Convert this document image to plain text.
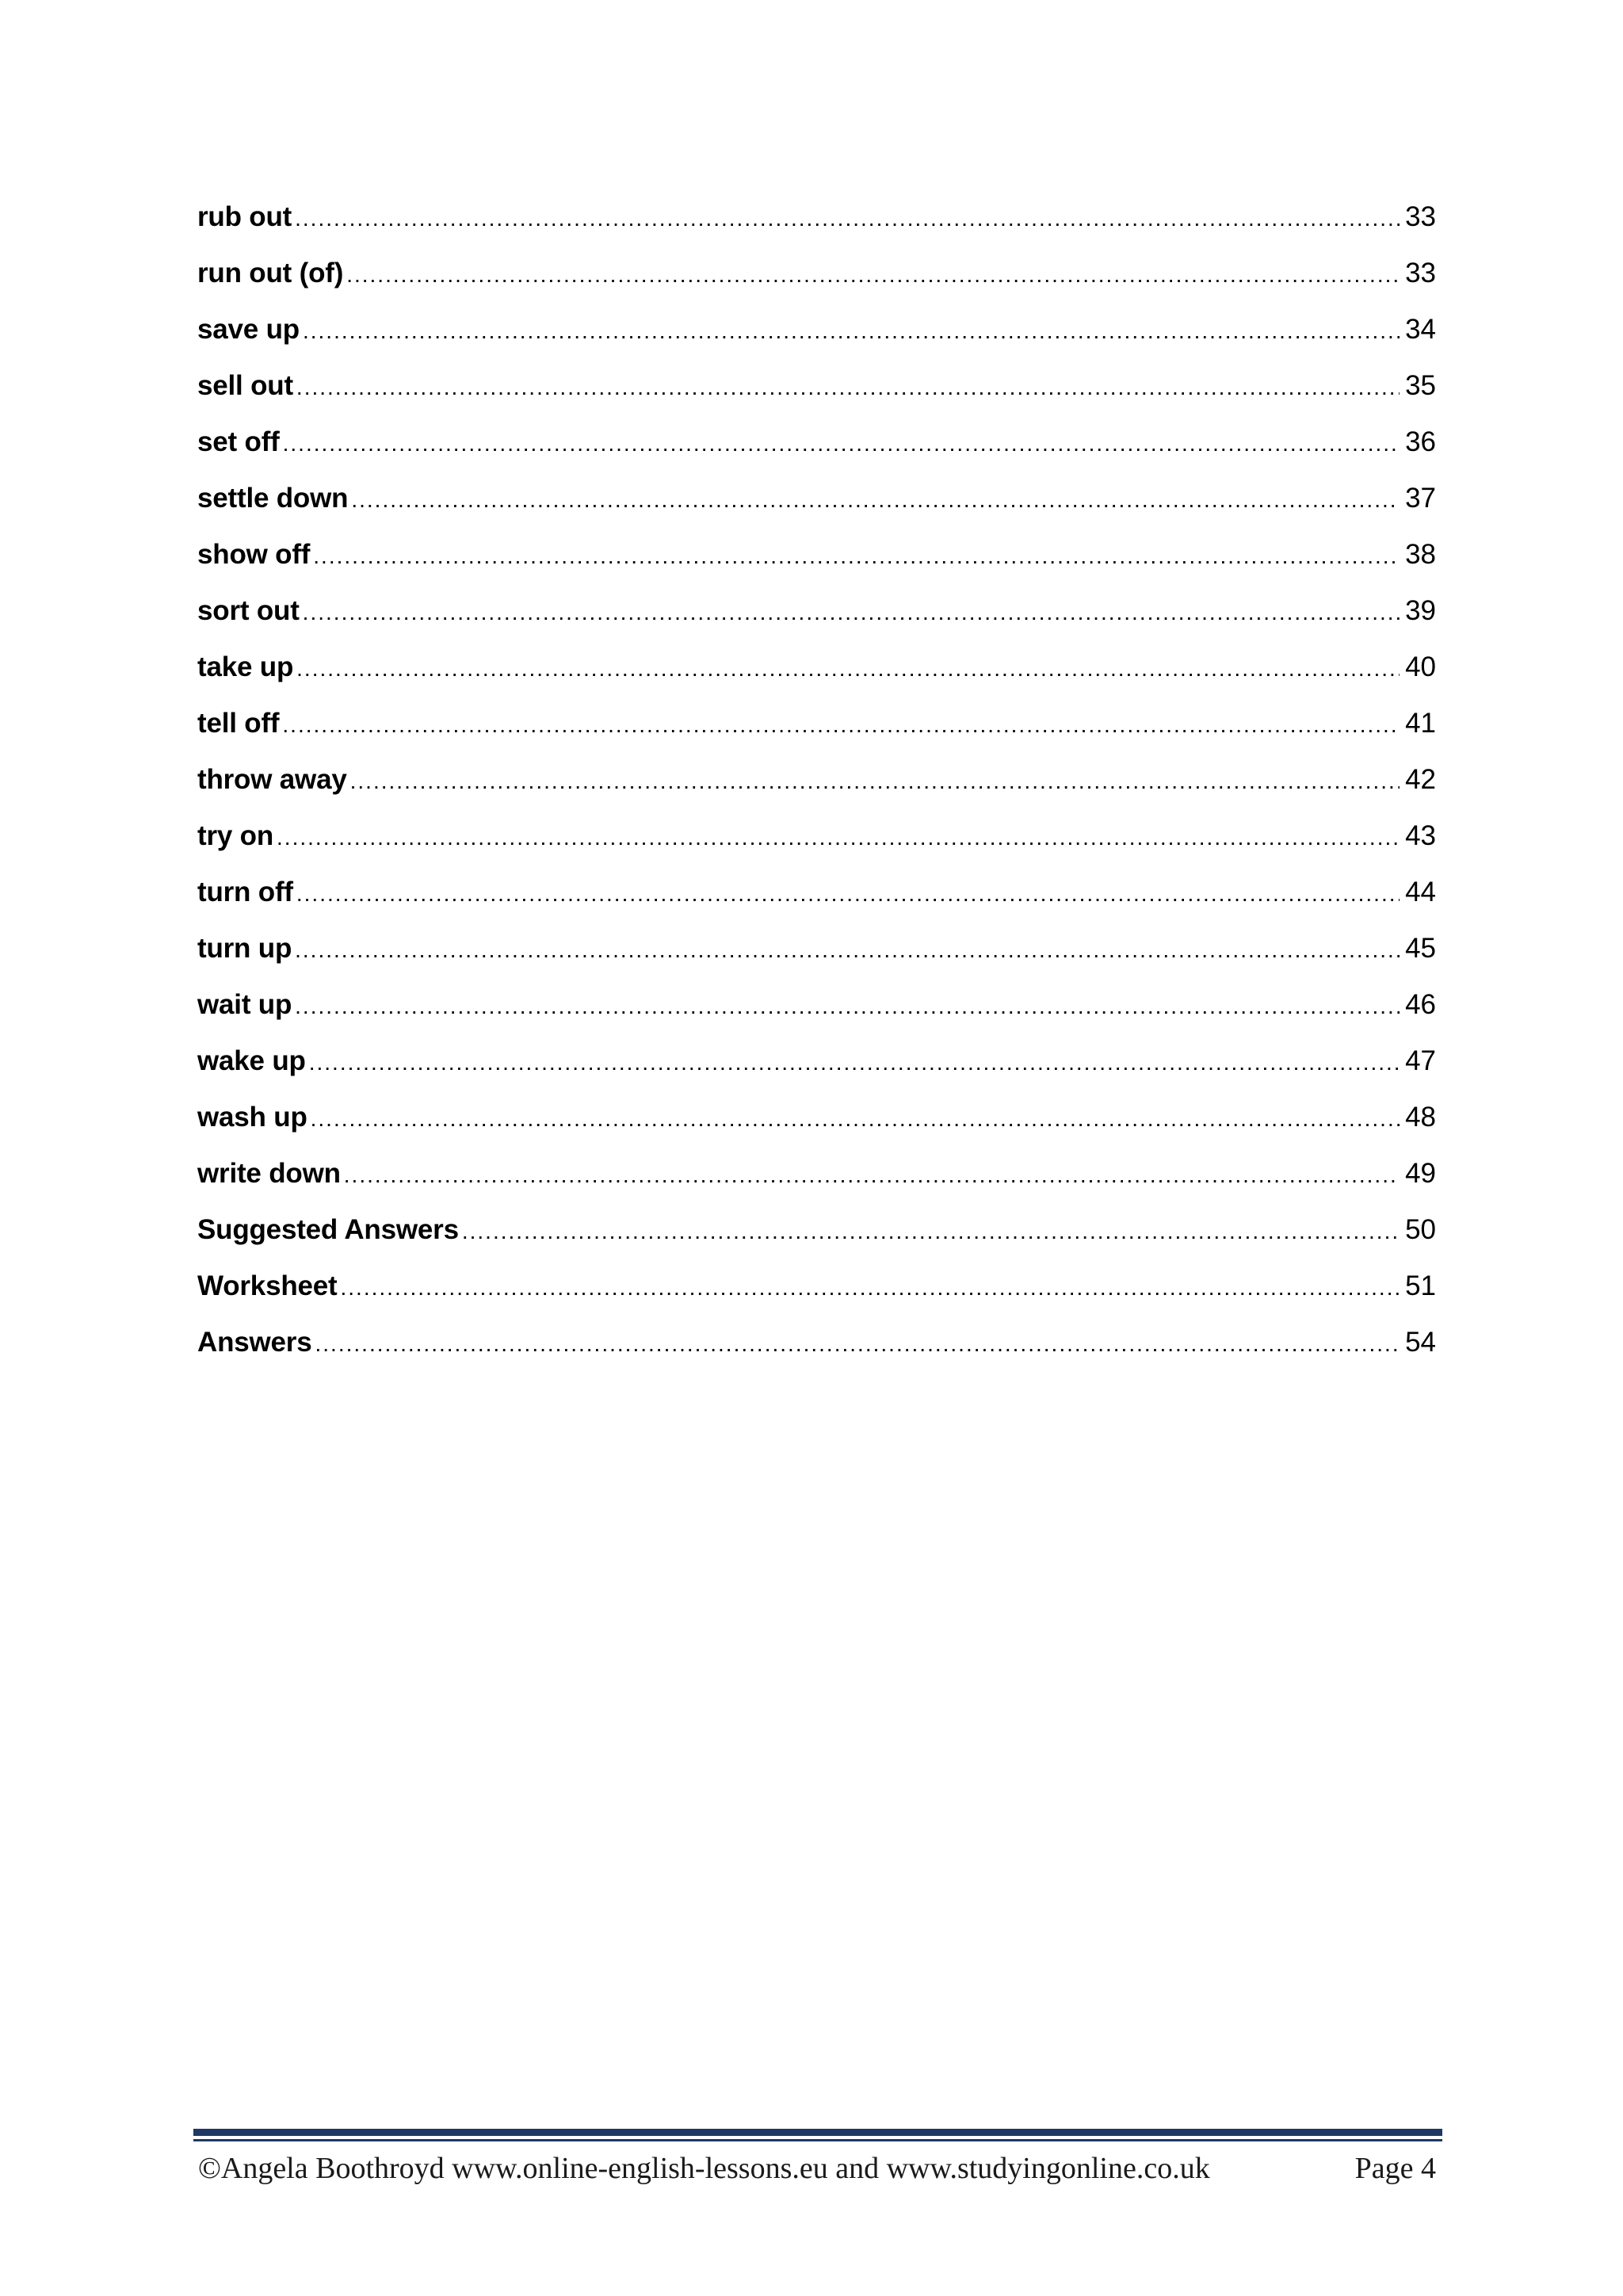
rub out .....	33
run out (of) .....	33
save up .....	34
sell out .....	35
set off .....	36
settle down .....	37
show off .....	38
sort out .....	39
take up .....	40
tell off .....	41
throw away .....	42
try on .....	43
turn off .....	44
turn up .....	45
wait up .....	46
wake up .....	47
wash up .....	48
write down .....	49
Suggested Answers .....	50
Worksheet .....	51
Answers .....	54
©Angela Boothroyd www.online-english-lessons.eu and www.studyingonline.co.uk	Page 4
